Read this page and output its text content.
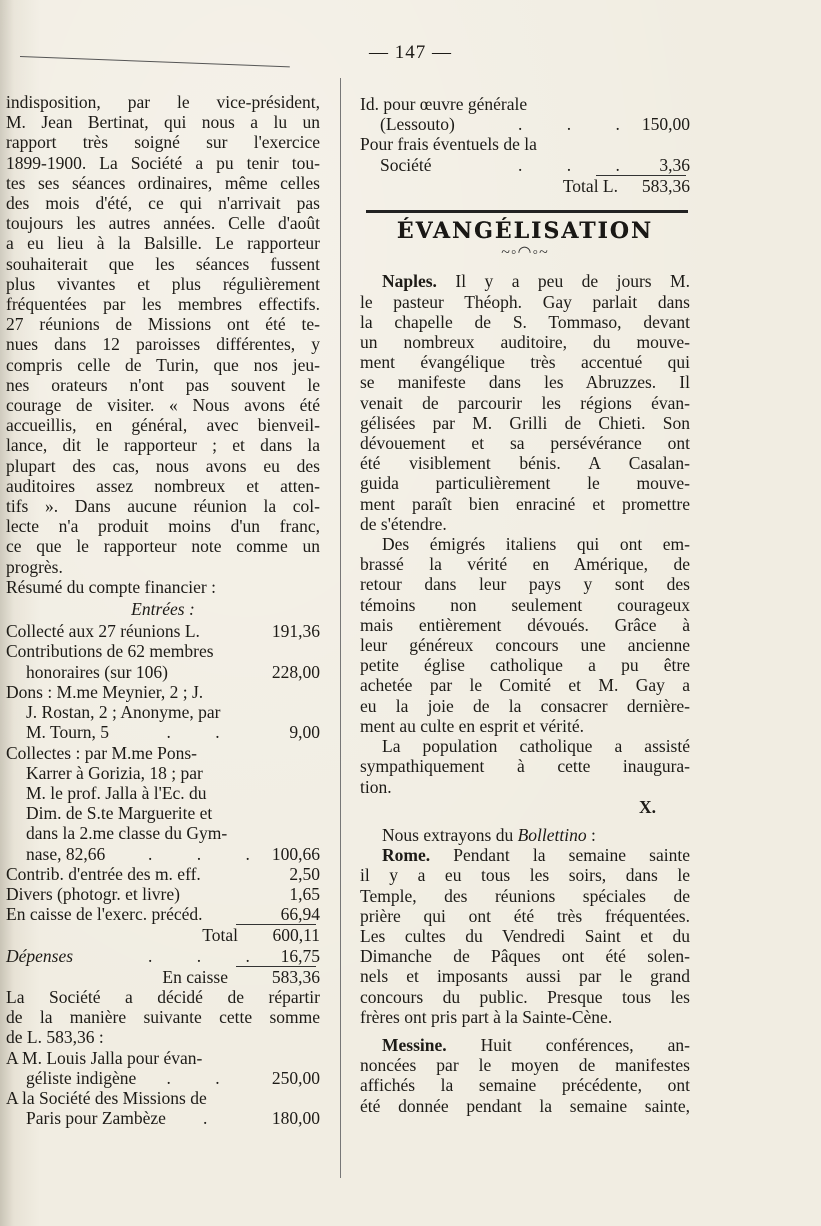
— 147 —
indisposition, par le vice-président,
M. Jean Bertinat, qui nous a lu un
rapport très soigné sur l'exercice
1899-1900. La Société a pu tenir tou-
tes ses séances ordinaires, même celles
des mois d'été, ce qui n'arrivait pas
toujours les autres années. Celle d'août
a eu lieu à la Balsille. Le rapporteur
souhaiterait que les séances fussent
plus vivantes et plus régulièrement
fréquentées par les membres effectifs.
27 réunions de Missions ont été te-
nues dans 12 paroisses différentes, y
compris celle de Turin, que nos jeu-
nes orateurs n'ont pas souvent le
courage de visiter. « Nous avons été
accueillis, en général, avec bienveil-
lance, dit le rapporteur ; et dans la
plupart des cas, nous avons eu des
auditoires assez nombreux et atten-
tifs ». Dans aucune réunion la col-
lecte n'a produit moins d'un franc,
ce que le rapporteur note comme un
progrès.
Résumé du compte financier :
Entrées :
Collecté aux 27 réunions L.	191,36
Contributions de 62 membres
honoraires (sur 106)	228,00
Dons : M.me Meynier, 2 ; J.
J. Rostan, 2 ; Anonyme, par
M. Tourn, 5	. .	9,00
Collectes : par M.me Pons-
Karrer à Gorizia, 18 ; par
M. le prof. Jalla à l'Ec. du
Dim. de S.te Marguerite et
dans la 2.me classe du Gym-
nase, 82,66	. . . 100,66
Contrib. d'entrée des m. eff.	2,50
Divers (photogr. et livre)	1,65
En caisse de l'exerc. précéd.	66,94
Total	600,11
Dépenses	. . . 16,75
En caisse	583,36
La Société a décidé de répartir
de la manière suivante cette somme
de L. 583,36 :
A M. Louis Jalla pour évan-
géliste indigène	. .	250,00
A la Société des Missions de
Paris pour Zambèze	.	180,00
Id. pour œuvre générale
(Lessouto)	. . . 150,00
Pour frais éventuels de la
Société	. . .	3,36
Total L.	583,36
ÉVANGÉLISATION
~◦◠◦~
Naples. Il y a peu de jours M.
le pasteur Théoph. Gay parlait dans
la chapelle de S. Tommaso, devant
un nombreux auditoire, du mouve-
ment évangélique très accentué qui
se manifeste dans les Abruzzes. Il
venait de parcourir les régions évan-
gélisées par M. Grilli de Chieti. Son
dévouement et sa persévérance ont
été visiblement bénis. A Casalan-
guida particulièrement le mouve-
ment paraît bien enraciné et promettre
de s'étendre.
Des émigrés italiens qui ont em-
brassé la vérité en Amérique, de
retour dans leur pays y sont des
témoins non seulement courageux
mais entièrement dévoués. Grâce à
leur généreux concours une ancienne
petite église catholique a pu être
achetée par le Comité et M. Gay a
eu la joie de la consacrer dernière-
ment au culte en esprit et vérité.
La population catholique a assisté
sympathiquement à cette inaugura-
tion.
X.
Nous extrayons du Bollettino :
Rome. Pendant la semaine sainte
il y a eu tous les soirs, dans le
Temple, des réunions spéciales de
prière qui ont été très fréquentées.
Les cultes du Vendredi Saint et du
Dimanche de Pâques ont été solen-
nels et imposants aussi par le grand
concours du public. Presque tous les
frères ont pris part à la Sainte-Cène.
Messine. Huit conférences, an-
noncées par le moyen de manifestes
affichés la semaine précédente, ont
été donnée pendant la semaine sainte,
